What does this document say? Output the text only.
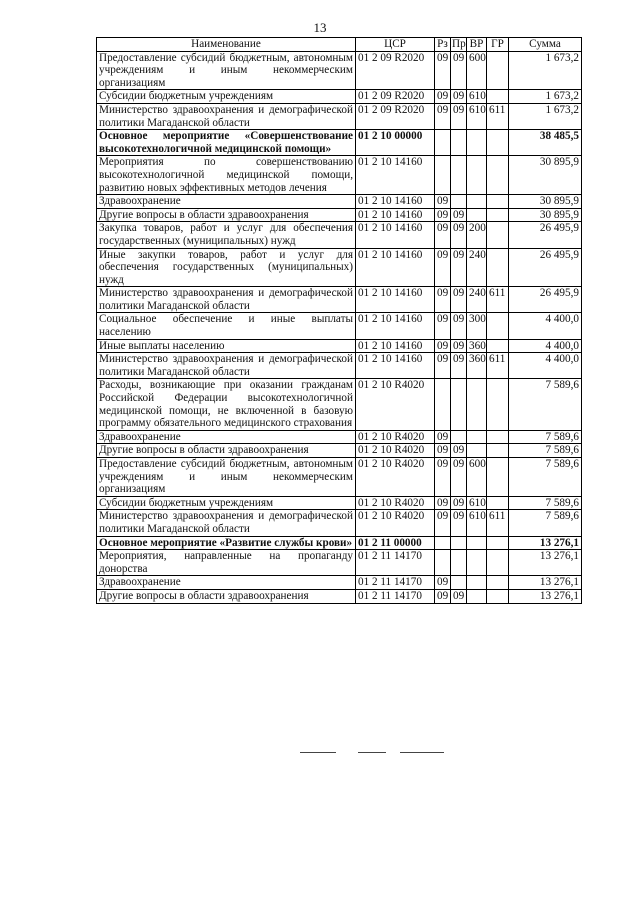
13
Наименование	ЦСР	Рз	Пр	ВР	ГР	Сумма
Предоставление субсидий бюджетным, автономным учреждениям и иным некоммерческим организациям	01 2 09 R2020	09	09	600		1 673,2
Субсидии бюджетным учреждениям	01 2 09 R2020	09	09	610		1 673,2
Министерство здравоохранения и демографической политики Магаданской области	01 2 09 R2020	09	09	610	611	1 673,2
Основное мероприятие «Совершенствование высокотехнологичной медицинской помощи»	01 2 10 00000					38 485,5
Мероприятия по совершенствованию высокотехнологичной медицинской помощи, развитию новых эффективных методов лечения	01 2 10 14160					30 895,9
Здравоохранение	01 2 10 14160	09				30 895,9
Другие вопросы в области здравоохранения	01 2 10 14160	09	09			30 895,9
Закупка товаров, работ и услуг для обеспечения государственных (муниципальных) нужд	01 2 10 14160	09	09	200		26 495,9
Иные закупки товаров, работ и услуг для обеспечения государственных (муниципальных) нужд	01 2 10 14160	09	09	240		26 495,9
Министерство здравоохранения и демографической политики Магаданской области	01 2 10 14160	09	09	240	611	26 495,9
Социальное обеспечение и иные выплаты населению	01 2 10 14160	09	09	300		4 400,0
Иные выплаты населению	01 2 10 14160	09	09	360		4 400,0
Министерство здравоохранения и демографической политики Магаданской области	01 2 10 14160	09	09	360	611	4 400,0
Расходы, возникающие при оказании гражданам Российской Федерации высокотехнологичной медицинской помощи, не включенной в базовую программу обязательного медицинского страхования	01 2 10 R4020					7 589,6
Здравоохранение	01 2 10 R4020	09				7 589,6
Другие вопросы в области здравоохранения	01 2 10 R4020	09	09			7 589,6
Предоставление субсидий бюджетным, автономным учреждениям и иным некоммерческим организациям	01 2 10 R4020	09	09	600		7 589,6
Субсидии бюджетным учреждениям	01 2 10 R4020	09	09	610		7 589,6
Министерство здравоохранения и демографической политики Магаданской области	01 2 10 R4020	09	09	610	611	7 589,6
Основное мероприятие «Развитие службы крови»	01 2 11 00000					13 276,1
Мероприятия, направленные на пропаганду донорства	01 2 11 14170					13 276,1
Здравоохранение	01 2 11 14170	09				13 276,1
Другие вопросы в области здравоохранения	01 2 11 14170	09	09			13 276,1
